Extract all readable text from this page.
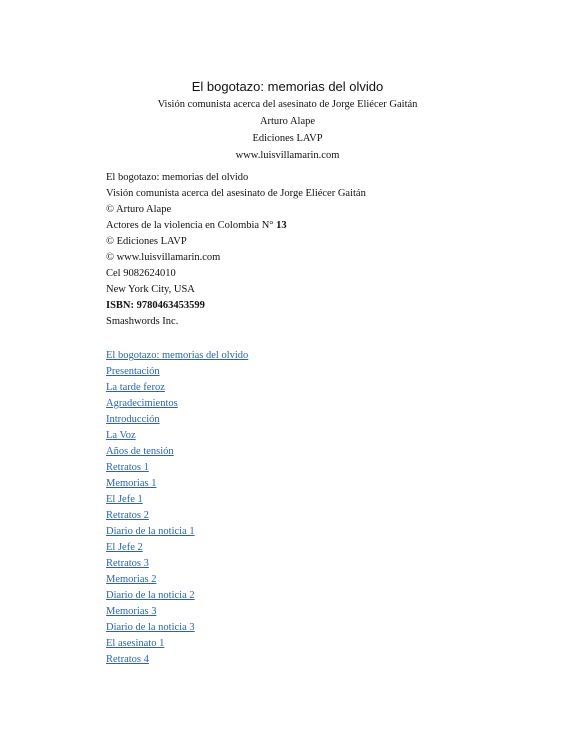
El bogotazo: memorias del olvido
Visión comunista acerca del asesinato de Jorge Eliécer Gaitán
Arturo Alape
Ediciones LAVP
www.luisvillamarin.com
El bogotazo: memorias del olvido
Visión comunista acerca del asesinato de Jorge Eliécer Gaitán
© Arturo Alape
Actores de la violencia en Colombia N° 13
© Ediciones LAVP
© www.luisvillamarin.com
Cel 9082624010
New York City, USA
ISBN: 9780463453599
Smashwords Inc.
El bogotazo: memorias del olvido
Presentación
La tarde feroz
Agradecimientos
Introducción
La Voz
Años de tensión
Retratos 1
Memorias 1
El Jefe 1
Retratos 2
Diario de la noticia 1
El Jefe 2
Retratos 3
Memorias 2
Diario de la noticia 2
Memorias 3
Diario de la noticia 3
El asesinato 1
Retratos 4
